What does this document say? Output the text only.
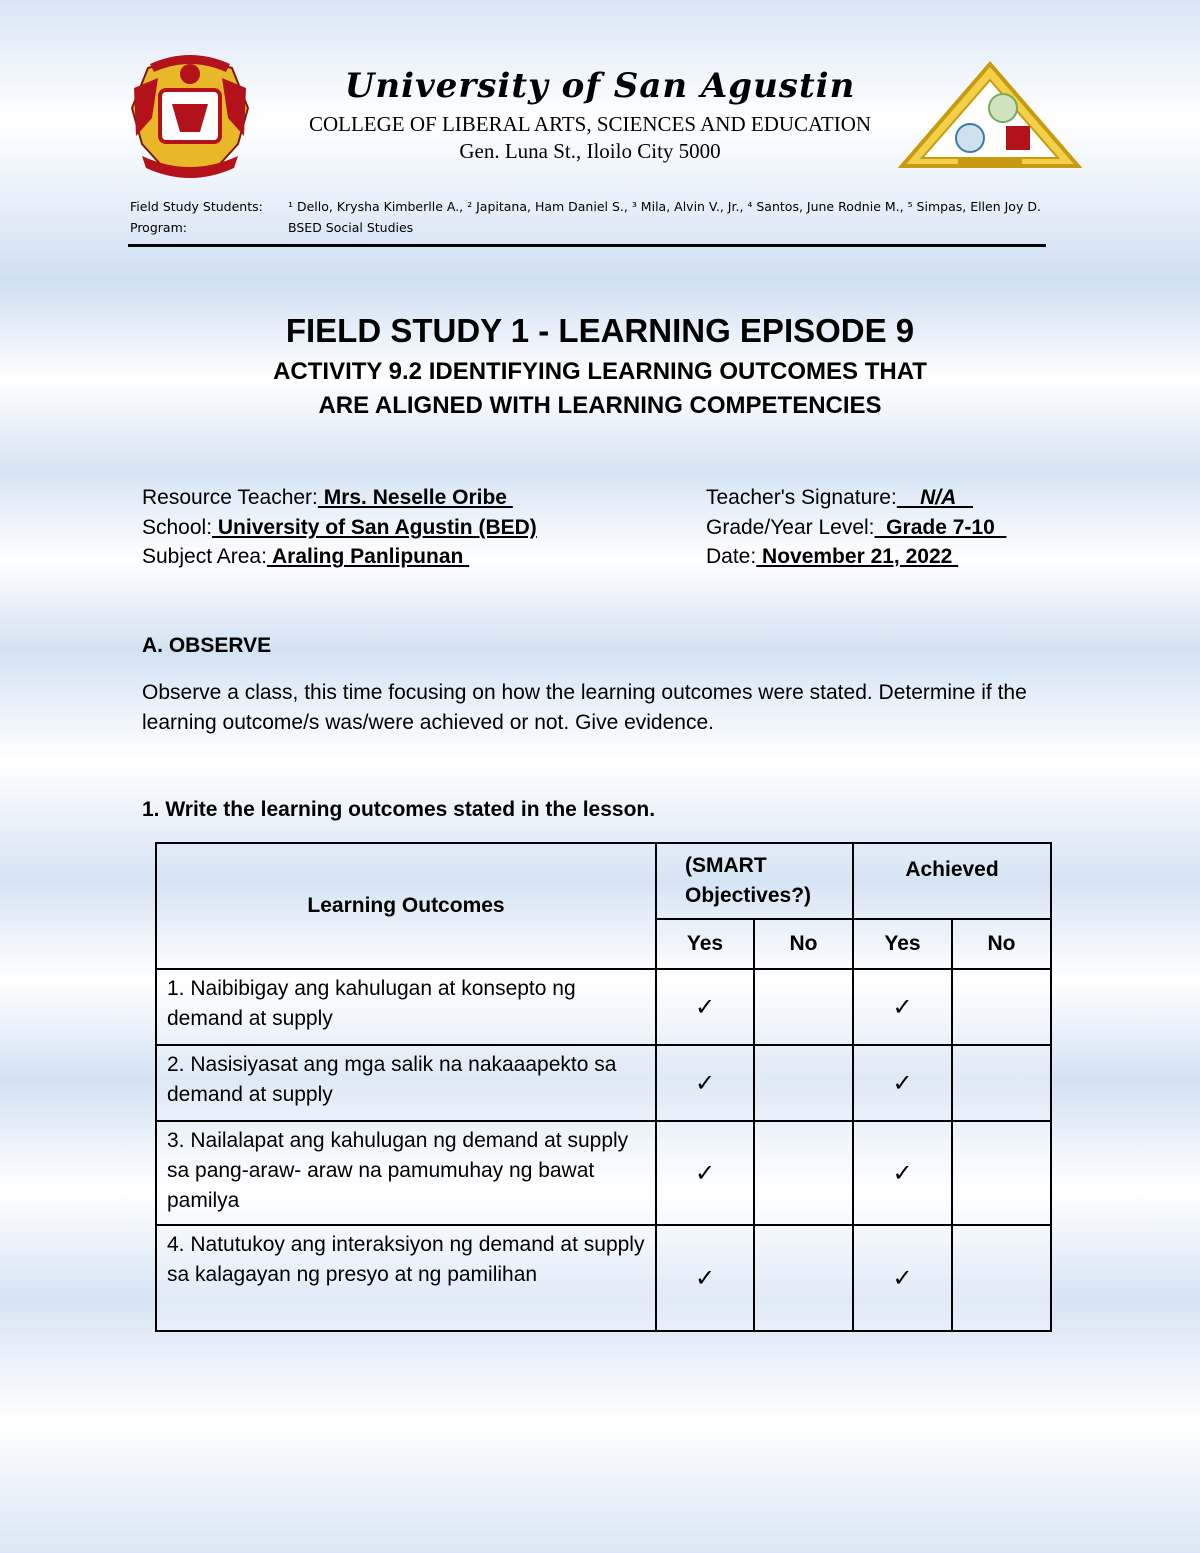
University of San Agustin
COLLEGE OF LIBERAL ARTS, SCIENCES AND EDUCATION
Gen. Luna St., Iloilo City 5000
Field Study Students: ¹ Dello, Krysha Kimberlle A., ² Japitana, Ham Daniel S., ³ Mila, Alvin V., Jr., ⁴ Santos, June Rodnie M., ⁵ Simpas, Ellen Joy D.
Program:	BSED Social Studies
FIELD STUDY 1 - LEARNING EPISODE 9
ACTIVITY 9.2 IDENTIFYING LEARNING OUTCOMES THAT
ARE ALIGNED WITH LEARNING COMPETENCIES
Resource Teacher: Mrs. Neselle Oribe
School: University of San Agustin (BED)
Subject Area: Araling Panlipunan
Teacher's Signature:    N/A
Grade/Year Level:  Grade 7-10
Date: November 21, 2022
A. OBSERVE
Observe a class, this time focusing on how the learning outcomes were stated. Determine if the learning outcome/s was/were achieved or not. Give evidence.
1. Write the learning outcomes stated in the lesson.
Learning Outcomes	(SMART Objectives?)		Achieved	
	Yes	No	Yes	No
1. Naibibigay ang kahulugan at konsepto ng demand at supply	✓		✓	
2. Nasisiyasat ang mga salik na nakaaapekto sa demand at supply	✓		✓	
3. Nailalapat ang kahulugan ng demand at supply sa pang-araw- araw na pamumuhay ng bawat pamilya	✓		✓	
4. Natutukoy ang interaksiyon ng demand at supply sa kalagayan ng presyo at ng pamilihan	✓		✓	
